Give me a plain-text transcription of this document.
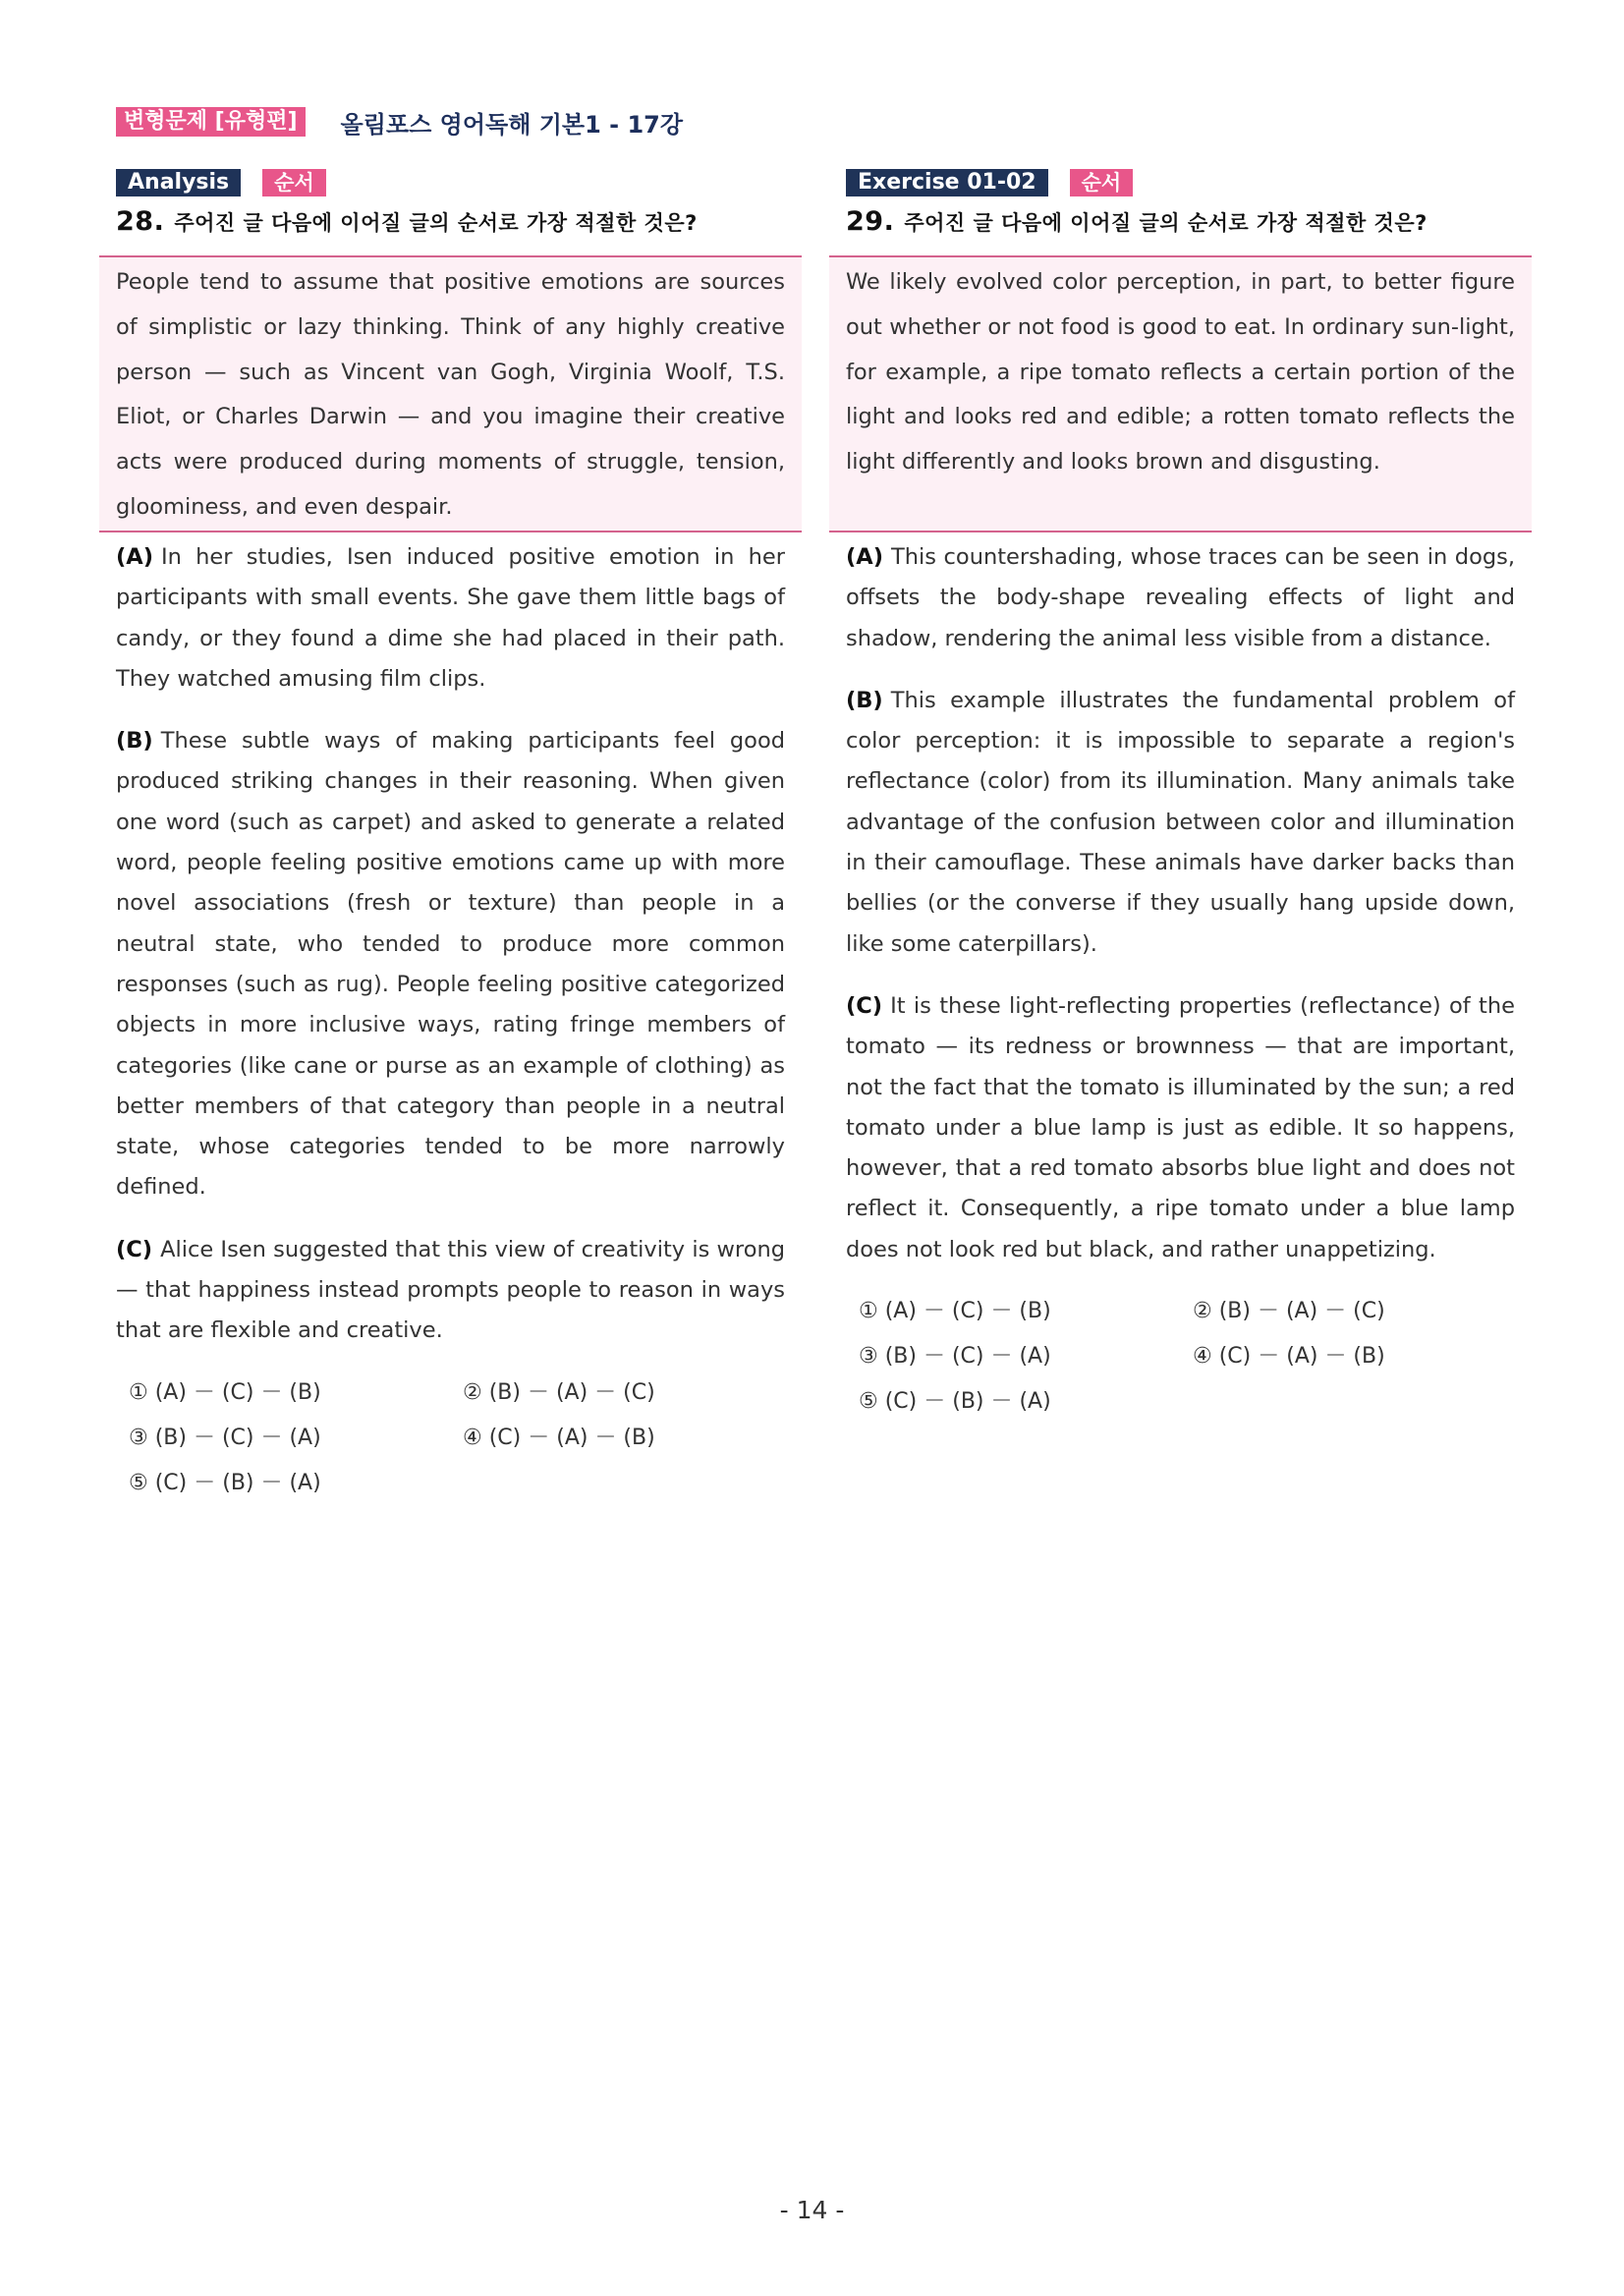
변형문제 [유형편]	올림포스 영어독해 기본1 - 17강
Analysis	순서
28. 주어진 글 다음에 이어질 글의 순서로 가장 적절한 것은?

People tend to assume that positive emotions are sources of simplistic or lazy thinking. Think of any highly creative person — such as Vincent van Gogh, Virginia Woolf, T.S. Eliot, or Charles Darwin — and you imagine their creative acts were produced during moments of struggle, tension, gloominess, and even despair.

(A) In her studies, Isen induced positive emotion in her participants with small events. She gave them little bags of candy, or they found a dime she had placed in their path. They watched amusing film clips.

(B) These subtle ways of making participants feel good produced striking changes in their reasoning. When given one word (such as carpet) and asked to generate a related word, people feeling positive emotions came up with more novel associations (fresh or texture) than people in a neutral state, who tended to produce more common responses (such as rug). People feeling positive categorized objects in more inclusive ways, rating fringe members of categories (like cane or purse as an example of clothing) as better members of that category than people in a neutral state, whose categories tended to be more narrowly defined.

(C) Alice Isen suggested that this view of creativity is wrong — that happiness instead prompts people to reason in ways that are flexible and creative.

① (A) － (C) － (B)	② (B) － (A) － (C)
③ (B) － (C) － (A)	④ (C) － (A) － (B)
⑤ (C) － (B) － (A)
Exercise 01-02	순서
29. 주어진 글 다음에 이어질 글의 순서로 가장 적절한 것은?

We likely evolved color perception, in part, to better figure out whether or not food is good to eat. In ordinary sun-light, for example, a ripe tomato reflects a certain portion of the light and looks red and edible; a rotten tomato reflects the light differently and looks brown and disgusting.

(A) This countershading, whose traces can be seen in dogs, offsets the body-shape revealing effects of light and shadow, rendering the animal less visible from a distance.

(B) This example illustrates the fundamental problem of color perception: it is impossible to separate a region's reflectance (color) from its illumination. Many animals take advantage of the confusion between color and illumination in their camouflage. These animals have darker backs than bellies (or the converse if they usually hang upside down, like some caterpillars).

(C) It is these light-reflecting properties (reflectance) of the tomato — its redness or brownness — that are important, not the fact that the tomato is illuminated by the sun; a red tomato under a blue lamp is just as edible. It so happens, however, that a red tomato absorbs blue light and does not reflect it. Consequently, a ripe tomato under a blue lamp does not look red but black, and rather unappetizing.

① (A) － (C) － (B)	② (B) － (A) － (C)
③ (B) － (C) － (A)	④ (C) － (A) － (B)
⑤ (C) － (B) － (A)
- 14 -
